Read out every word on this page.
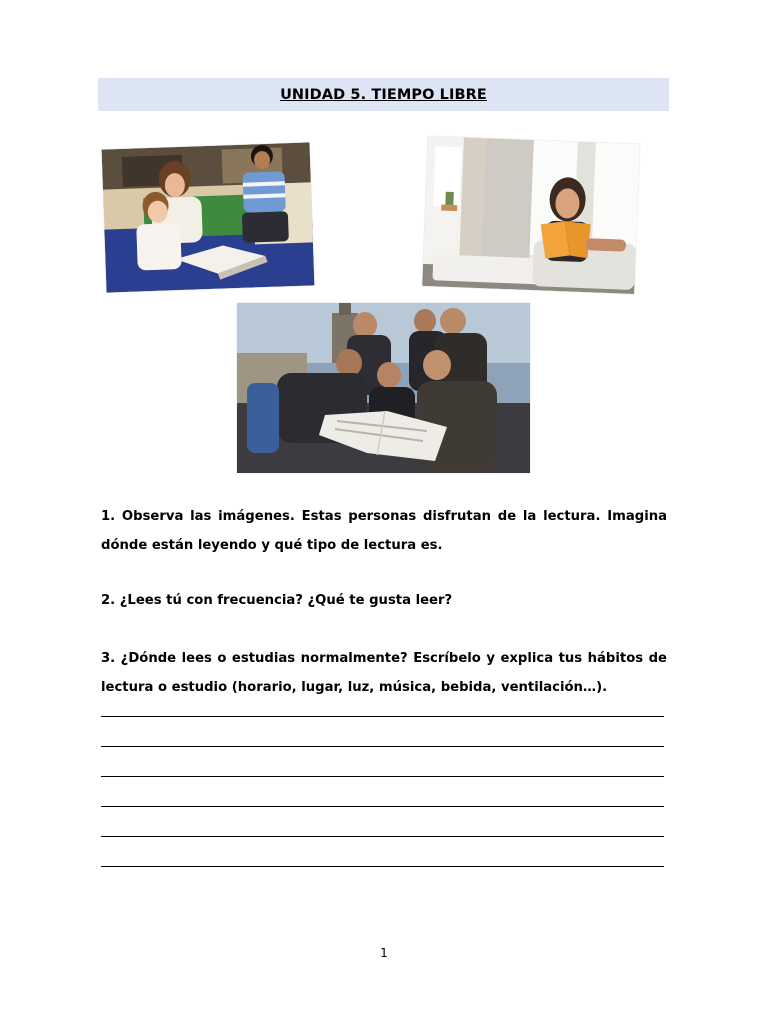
UNIDAD 5. TIEMPO LIBRE
1. Observa las imágenes. Estas personas disfrutan de la lectura. Imagina dónde están leyendo y qué tipo de lectura es.
2. ¿Lees tú con frecuencia? ¿Qué te gusta leer?
3. ¿Dónde lees o estudias normalmente? Escríbelo y explica tus hábitos de lectura o estudio (horario, lugar, luz, música, bebida, ventilación…).
1
